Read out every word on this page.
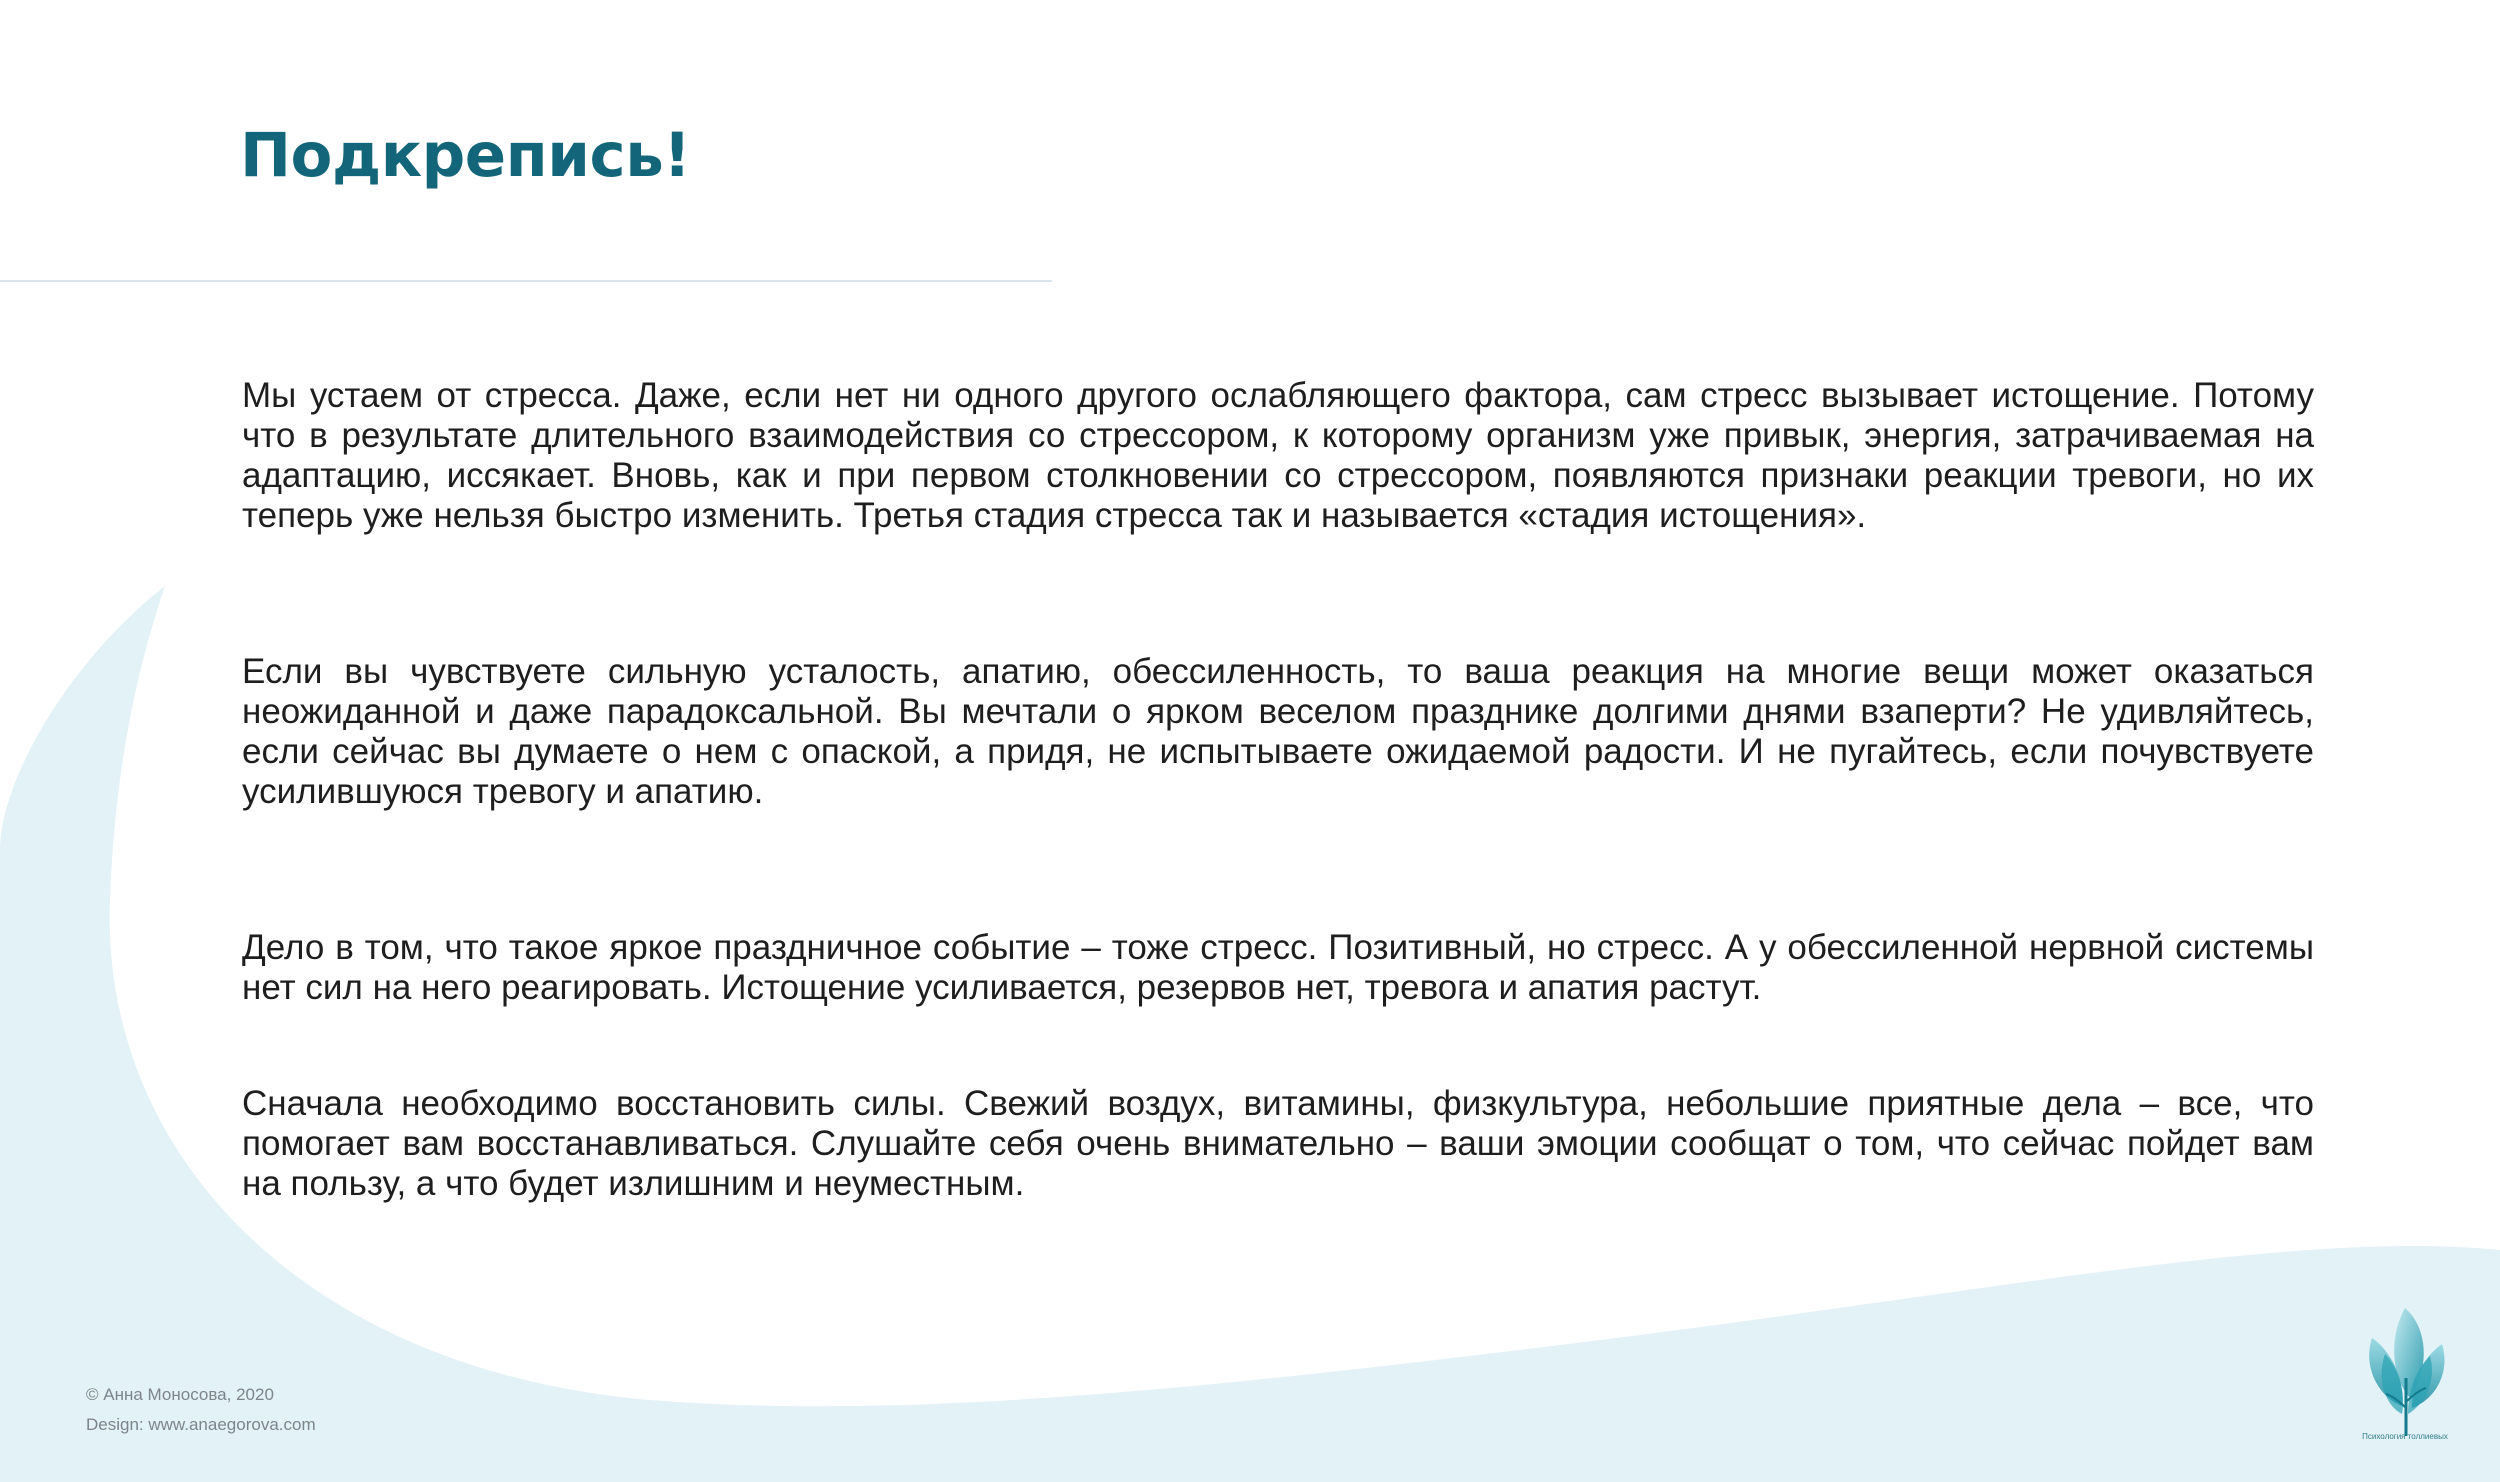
Подкрепись!

Мы устаем от стресса. Даже, если нет ни одного другого ослабляющего фактора, сам стресс вызывает истощение. Потому что в результате длительного взаимодействия со стрессором, к которому организм уже привык, энергия, затрачиваемая на адаптацию, иссякает. Вновь, как и при первом столкновении со стрессором, появляются признаки реакции тревоги, но их теперь уже нельзя быстро изменить. Третья стадия стресса так и называется «стадия истощения».

Если вы чувствуете сильную усталость, апатию, обессиленность, то ваша реакция на многие вещи может оказаться неожиданной и даже парадоксальной. Вы мечтали о ярком веселом празднике долгими днями взаперти? Не удивляйтесь, если сейчас вы думаете о нем с опаской, а придя, не испытываете ожидаемой радости. И не пугайтесь, если почувствуете усилившуюся тревогу и апатию.

Дело в том, что такое яркое праздничное событие – тоже стресс. Позитивный, но стресс. А у обессиленной нервной системы нет сил на него реагировать. Истощение усиливается, резервов нет, тревога и апатия растут.

Сначала необходимо восстановить силы. Свежий воздух, витамины, физкультура, небольшие приятные дела – все, что помогает вам восстанавливаться. Слушайте себя очень внимательно – ваши эмоции сообщат о том, что сейчас пойдет вам на пользу, а что будет излишним и неуместным.

© Анна Моносова, 2020
Design: www.anaegorova.com
Психология толлиевых
